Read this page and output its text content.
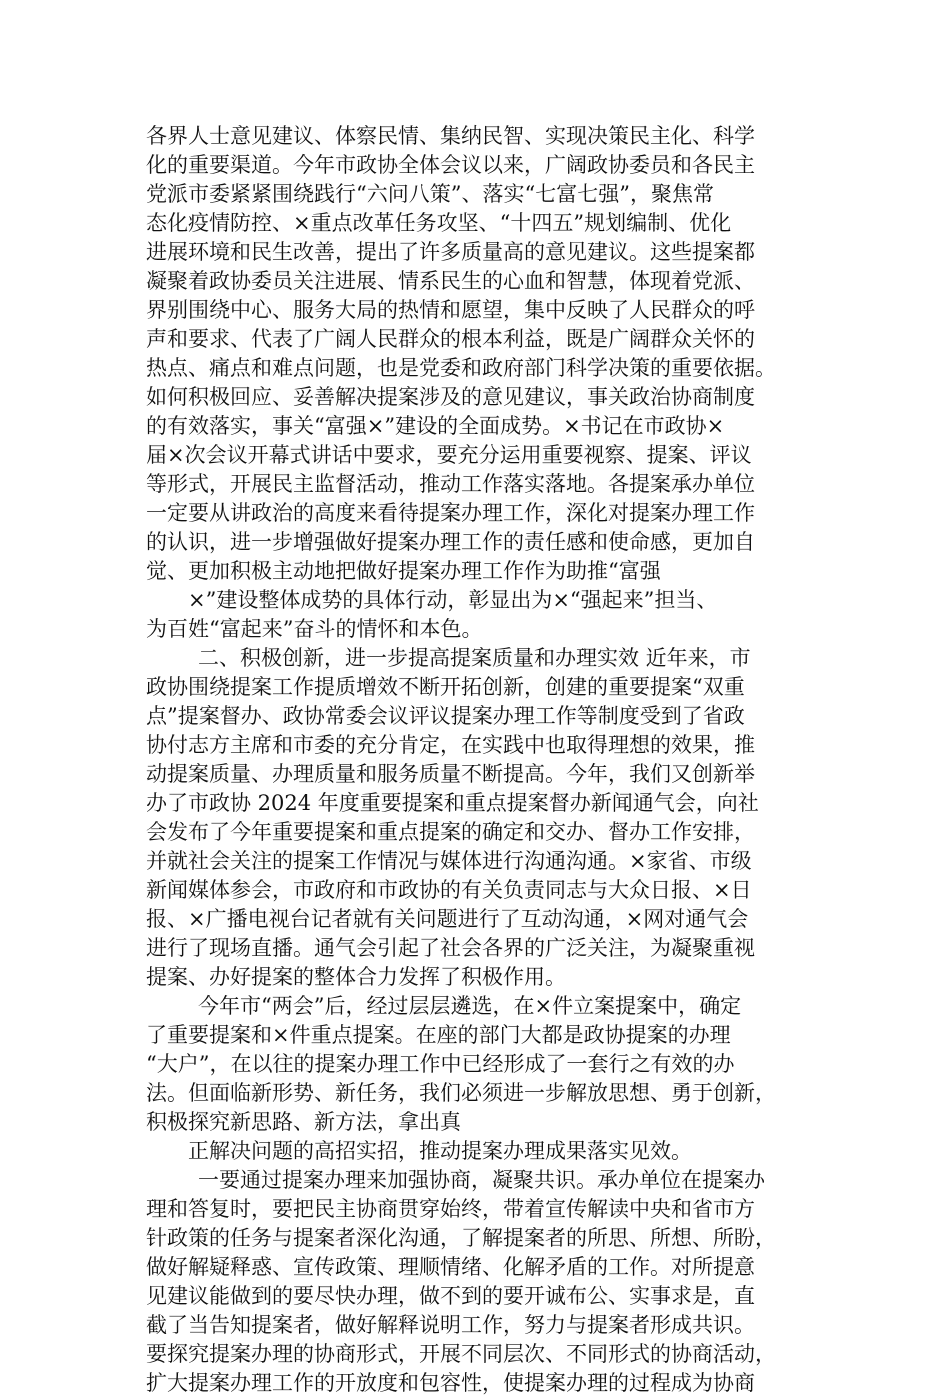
各界人士意见建议、体察民情、集纳民智、实现决策民主化、科学
化的重要渠道。今年市政协全体会议以来，广阔政协委员和各民主
党派市委紧紧围绕践行“六问八策”、落实“七富七强”，聚焦常
态化疫情防控、×重点改革任务攻坚、“十四五”规划编制、优化
进展环境和民生改善，提出了许多质量高的意见建议。这些提案都
凝聚着政协委员关注进展、情系民生的心血和智慧，体现着党派、
界别围绕中心、服务大局的热情和愿望，集中反映了人民群众的呼
声和要求、代表了广阔人民群众的根本利益，既是广阔群众关怀的
热点、痛点和难点问题，也是党委和政府部门科学决策的重要依据。
如何积极回应、妥善解决提案涉及的意见建议，事关政治协商制度
的有效落实，事关“富强×”建设的全面成势。×书记在市政协×
届×次会议开幕式讲话中要求，要充分运用重要视察、提案、评议
等形式，开展民主监督活动，推动工作落实落地。各提案承办单位
一定要从讲政治的高度来看待提案办理工作，深化对提案办理工作
的认识，进一步增强做好提案办理工作的责任感和使命感，更加自
觉、更加积极主动地把做好提案办理工作作为助推“富强
×”建设整体成势的具体行动，彰显出为×“强起来”担当、
为百姓“富起来”奋斗的情怀和本色。
二、积极创新，进一步提高提案质量和办理实效 近年来，市
政协围绕提案工作提质增效不断开拓创新，创建的重要提案“双重
点”提案督办、政协常委会议评议提案办理工作等制度受到了省政
协付志方主席和市委的充分肯定，在实践中也取得理想的效果，推
动提案质量、办理质量和服务质量不断提高。今年，我们又创新举
办了市政协 2024 年度重要提案和重点提案督办新闻通气会，向社
会发布了今年重要提案和重点提案的确定和交办、督办工作安排，
并就社会关注的提案工作情况与媒体进行沟通沟通。×家省、市级
新闻媒体参会，市政府和市政协的有关负责同志与大众日报、×日
报、×广播电视台记者就有关问题进行了互动沟通，×网对通气会
进行了现场直播。通气会引起了社会各界的广泛关注，为凝聚重视
提案、办好提案的整体合力发挥了积极作用。
今年市“两会”后，经过层层遴选，在×件立案提案中，确定
了重要提案和×件重点提案。在座的部门大都是政协提案的办理
“大户”，在以往的提案办理工作中已经形成了一套行之有效的办
法。但面临新形势、新任务，我们必须进一步解放思想、勇于创新，
积极探究新思路、新方法，拿出真
正解决问题的高招实招，推动提案办理成果落实见效。
一要通过提案办理来加强协商，凝聚共识。承办单位在提案办
理和答复时，要把民主协商贯穿始终，带着宣传解读中央和省市方
针政策的任务与提案者深化沟通，了解提案者的所思、所想、所盼，
做好解疑释惑、宣传政策、理顺情绪、化解矛盾的工作。对所提意
见建议能做到的要尽快办理，做不到的要开诚布公、实事求是，直
截了当告知提案者，做好解释说明工作，努力与提案者形成共识。
要探究提案办理的协商形式，开展不同层次、不同形式的协商活动，
扩大提案办理工作的开放度和包容性，使提案办理的过程成为协商
